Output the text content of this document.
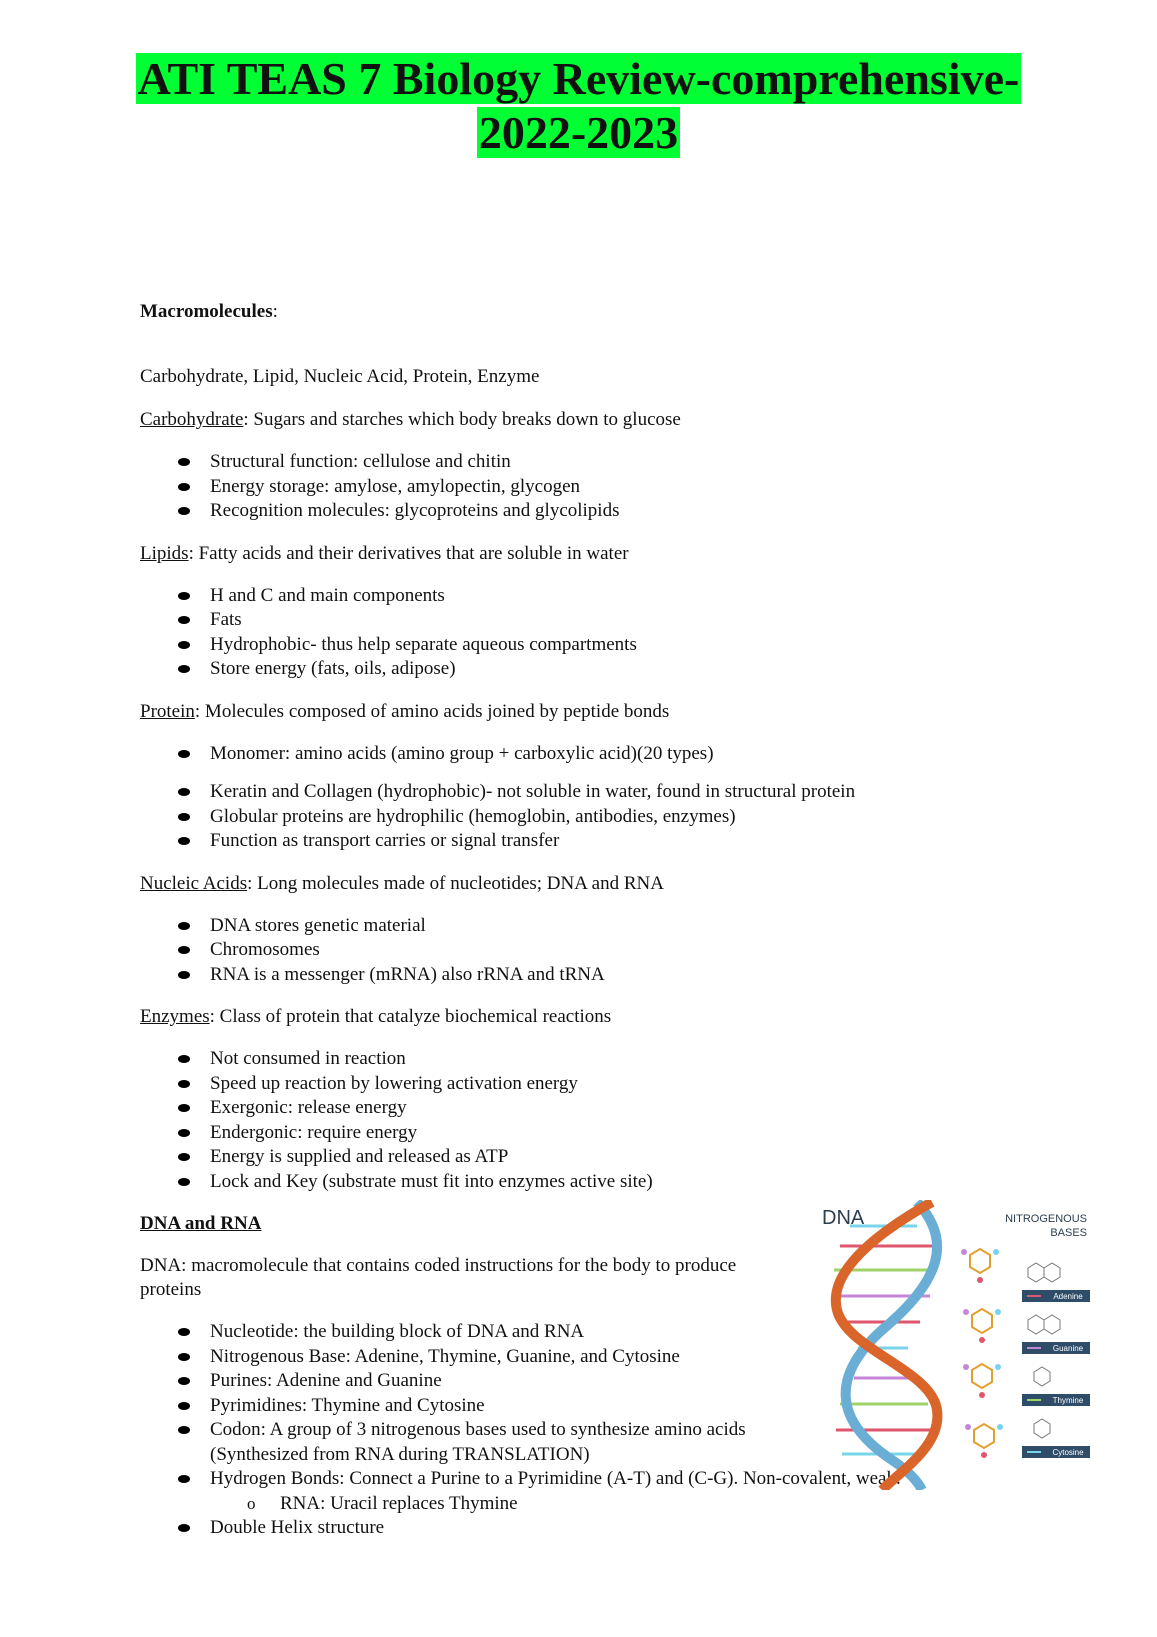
ATI TEAS 7 Biology Review-comprehensive-
2022-2023

Macromolecules:

Carbohydrate, Lipid, Nucleic Acid, Protein, Enzyme

Carbohydrate: Sugars and starches which body breaks down to glucose

Structural function: cellulose and chitin
Energy storage: amylose, amylopectin, glycogen
Recognition molecules: glycoproteins and glycolipids

Lipids: Fatty acids and their derivatives that are soluble in water

H and C and main components
Fats
Hydrophobic- thus help separate aqueous compartments
Store energy (fats, oils, adipose)

Protein: Molecules composed of amino acids joined by peptide bonds

Monomer: amino acids (amino group + carboxylic acid)(20 types)
Keratin and Collagen (hydrophobic)- not soluble in water, found in structural protein
Globular proteins are hydrophilic (hemoglobin, antibodies, enzymes)
Function as transport carries or signal transfer

Nucleic Acids: Long molecules made of nucleotides; DNA and RNA

DNA stores genetic material
Chromosomes
RNA is a messenger (mRNA) also rRNA and tRNA

Enzymes: Class of protein that catalyze biochemical reactions

Not consumed in reaction
Speed up reaction by lowering activation energy
Exergonic: release energy
Endergonic: require energy
Energy is supplied and released as ATP
Lock and Key (substrate must fit into enzymes active site)

DNA and RNA

DNA: macromolecule that contains coded instructions for the body to produce proteins

Nucleotide: the building block of DNA and RNA
Nitrogenous Base: Adenine, Thymine, Guanine, and Cytosine
Purines: Adenine and Guanine
Pyrimidines: Thymine and Cytosine
Codon: A group of 3 nitrogenous bases used to synthesize amino acids (Synthesized from RNA during TRANSLATION)
Hydrogen Bonds: Connect a Purine to a Pyrimidine (A-T) and (C-G). Non-covalent, weak.
o RNA: Uracil replaces Thymine
Double Helix structure
DNA	NITROGENOUS
BASES
Adenine
Guanine
Thymine
Cytosine
